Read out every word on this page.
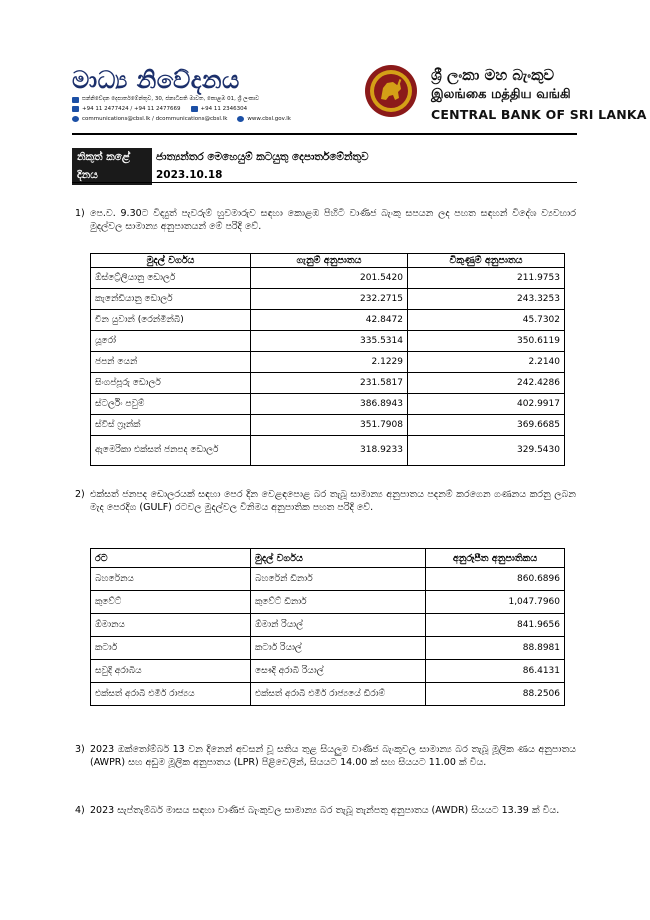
මාධ්‍ය නිවේදනය
සන්නිවේදන දෙපාර්තමේන්තුව, 30, ජනාධිපති මාවත, කොළඹ 01, ශ්‍රී ලංකාව
+94 11 2477424 / +94 11 2477669	+94 11 2346304
communications@cbsl.lk / dcommunications@cbsl.lk	www.cbsl.gov.lk
ශ්‍රී ලංකා මහ බැංකුව
இலங்கை மத்திய வங்கி
CENTRAL BANK OF SRI LANKA
නිකුත් කළේ	ජාත්‍යන්තර මෙහෙයුම් කටයුතු දෙපාර්තමේන්තුව
දිනය	2023.10.18
1) පෙ.ව. 9.30ට විද්‍යුත් පැවරුම් හුවමාරුව සඳහා කොළඹ පිහිටි වාණිජ බැංකු සපයන ලද පහත සඳහන් විදේශ ව්‍යවහාර මුදල්වල සාමාන්‍ය අනුපාතයන් මේ පරිදි වේ.
මුදල් වර්ගය	ගැනුම් අනුපාතය	විකුණුම් අනුපාතය
ඕස්ට්‍රේලියානු ඩොලර්	201.5420	211.9753
කැනේඩියානු ඩොලර්	232.2715	243.3253
චීන යුවාන් (රෙන්මින්බි)	42.8472	45.7302
යූරෝ	335.5314	350.6119
ජපන් යෙන්	2.1229	2.2140
සිංගප්පූරු ඩොලර්	231.5817	242.4286
ස්ටර්ලිං පවුම්	386.8943	402.9917
ස්විස් ෆ්‍රෑන්ක්	351.7908	369.6685
ඇමෙරිකා එක්සත් ජනපද ඩොලර්	318.9233	329.5430
2) එක්සත් ජනපද ඩොලරයක් සඳහා පෙර දින වෙළඳපොළ බර තැබූ සාමාන්‍ය අනුපාතය පදනම් කරගෙන ගණනය කරනු ලබන මැද පෙරදිග (GULF) රටවල මුදල්වල විනිමය අනුපාතික පහත පරිදි වේ.
රට	මුදල් වර්ගය	අනුරූපීත අනුපාතිකය
බහරේනය	බහරේන් ඩිනාර්	860.6896
කුවේට්	කුවේට් ඩිනාර්	1,047.7960
ඕමානය	ඕමාන් රියාල්	841.9656
කටාර්	කටාර් රියාල්	88.8981
සවුදි අරාබිය	සෞදි අරාබි රියාල්	86.4131
එක්සත් අරාබි එමීර් රාජ්‍යය	එක්සත් අරාබි එමීර් රාජ්‍යයේ ඩිරාම්	88.2506
3) 2023 ඔක්තෝම්බර් 13 වන දිනෙන් අවසන් වූ සතිය තුළ සියලුම වාණිජ බැංකුවල සාමාන්‍ය බර තැබූ මූලික ණය අනුපාතය (AWPR) සහ අඩුම මූලික අනුපාතය (LPR) පිළිවෙලින්, සියයට 14.00 ක් සහ සියයට 11.00 ක් විය.
4) 2023 සැප්තැම්බර් මාසය සඳහා වාණිජ බැංකුවල සාමාන්‍ය බර තැබූ තැන්පතු අනුපාතය (AWDR) සියයට 13.39 ක් විය.
